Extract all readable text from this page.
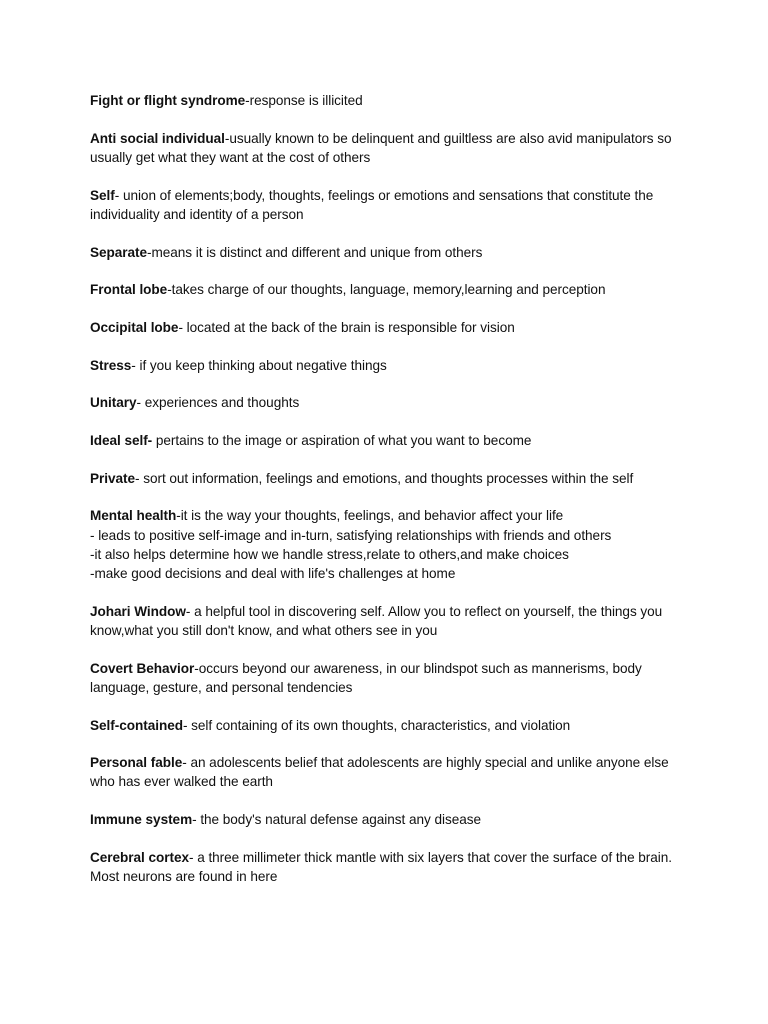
Fight or flight syndrome-response is illicited

Anti social individual-usually known to be delinquent and guiltless are also avid manipulators so usually get what they want at the cost of others

Self- union of elements;body, thoughts, feelings or emotions and sensations that constitute the individuality and identity of a person

Separate-means it is distinct and different and unique from others

Frontal lobe-takes charge of our thoughts, language, memory,learning and perception

Occipital lobe- located at the back of the brain is responsible for vision

Stress- if you keep thinking about negative things

Unitary- experiences and thoughts

Ideal self- pertains to the image or aspiration of what you want to become

Private- sort out information, feelings and emotions, and thoughts processes within the self

Mental health-it is the way your thoughts, feelings, and behavior affect your life
- leads to positive self-image and in-turn, satisfying relationships with friends and others
-it also helps determine how we handle stress,relate to others,and make choices
-make good decisions and deal with life's challenges at home

Johari Window- a helpful tool in discovering self. Allow you to reflect on yourself, the things you know,what you still don't know, and what others see in you

Covert Behavior-occurs beyond our awareness, in our blindspot such as mannerisms, body language, gesture, and personal tendencies

Self-contained- self containing of its own thoughts, characteristics, and violation

Personal fable- an adolescents belief that adolescents are highly special and unlike anyone else who has ever walked the earth

Immune system- the body's natural defense against any disease

Cerebral cortex- a three millimeter thick mantle with six layers that cover the surface of the brain. Most neurons are found in here
